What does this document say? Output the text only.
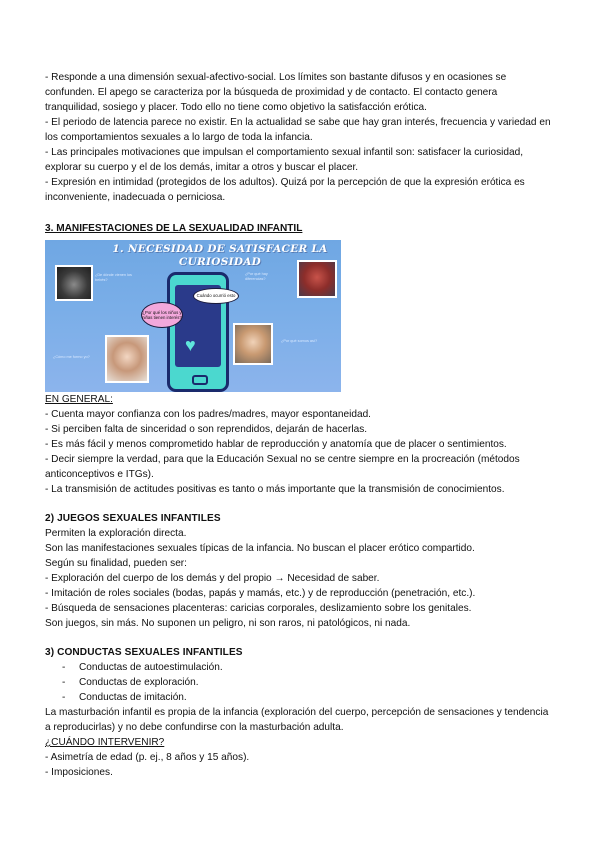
- Responde a una dimensión sexual-afectivo-social. Los límites son bastante difusos y en ocasiones se confunden. El apego se caracteriza por la búsqueda de proximidad y de contacto. El contacto genera tranquilidad, sosiego y placer. Todo ello no tiene como objetivo la satisfacción erótica.

- El periodo de latencia parece no existir. En la actualidad se sabe que hay gran interés, frecuencia y variedad en los comportamientos sexuales a lo largo de toda la infancia.

- Las principales motivaciones que impulsan el comportamiento sexual infantil son: satisfacer la curiosidad, explorar su cuerpo y el de los demás, imitar a otros y buscar el placer.

- Expresión en intimidad (protegidos de los adultos). Quizá por la percepción de que la expresión erótica es inconveniente, inadecuada o perniciosa.

3. MANIFESTACIONES DE LA SEXUALIDAD INFANTIL

1. NECESIDAD DE SATISFACER LA CURIOSIDAD
¿De dónde vienen los bebés?
¿Por qué hay diferencias?
¿Por qué somos así?
¿Cómo me formo yo?
♥
Cuándo ocurrió esto
¿Por qué los niños y niñas tienen interés?

EN GENERAL:

- Cuenta mayor confianza con los padres/madres, mayor espontaneidad.

- Si perciben falta de sinceridad o son reprendidos, dejarán de hacerlas.

- Es más fácil y menos comprometido hablar de reproducción y anatomía que de placer o sentimientos.

- Decir siempre la verdad, para que la Educación Sexual no se centre siempre en la procreación (métodos anticonceptivos e ITGs).

- La transmisión de actitudes positivas es tanto o más importante que la transmisión de conocimientos.

2) JUEGOS SEXUALES INFANTILES

Permiten la exploración directa.

Son las manifestaciones sexuales típicas de la infancia. No buscan el placer erótico compartido.

Según su finalidad, pueden ser:

- Exploración del cuerpo de los demás y del propio → Necesidad de saber.

- Imitación de roles sociales (bodas, papás y mamás, etc.) y de reproducción (penetración, etc.).

- Búsqueda de sensaciones placenteras: caricias corporales, deslizamiento sobre los genitales.

Son juegos, sin más. No suponen un peligro, ni son raros, ni patológicos, ni nada.

3) CONDUCTAS SEXUALES INFANTILES

- Conductas de autoestimulación.
- Conductas de exploración.
- Conductas de imitación.

La masturbación infantil es propia de la infancia (exploración del cuerpo, percepción de sensaciones y tendencia a reproducirlas) y no debe confundirse con la masturbación adulta.

¿CUÁNDO INTERVENIR?

- Asimetría de edad (p. ej., 8 años y 15 años).

- Imposiciones.
